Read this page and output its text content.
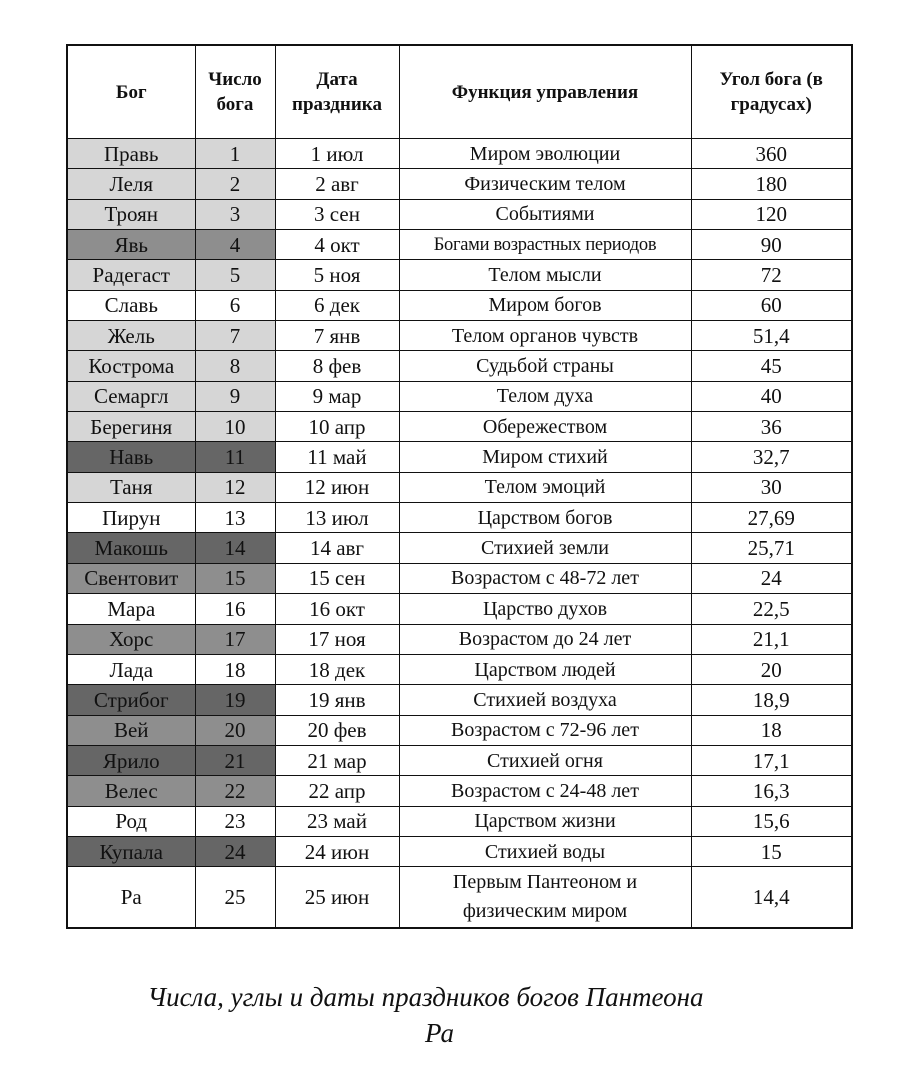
Бог	Число бога	Дата праздника	Функция управления	Угол бога (в градусах)
Правь	1	1 июл	Миром эволюции	360
Леля	2	2 авг	Физическим телом	180
Троян	3	3 сен	Событиями	120
Явь	4	4 окт	Богами возрастных периодов	90
Радегаст	5	5 ноя	Телом мысли	72
Славь	6	6 дек	Миром богов	60
Жель	7	7 янв	Телом органов чувств	51,4
Кострома	8	8 фев	Судьбой страны	45
Семаргл	9	9 мар	Телом духа	40
Берегиня	10	10 апр	Обережеством	36
Навь	11	11 май	Миром стихий	32,7
Таня	12	12 июн	Телом эмоций	30
Пирун	13	13 июл	Царством богов	27,69
Макошь	14	14 авг	Стихией земли	25,71
Свентовит	15	15 сен	Возрастом с 48-72 лет	24
Мара	16	16 окт	Царство духов	22,5
Хорс	17	17 ноя	Возрастом до 24 лет	21,1
Лада	18	18 дек	Царством людей	20
Стрибог	19	19 янв	Стихией воздуха	18,9
Вей	20	20 фев	Возрастом с 72-96 лет	18
Ярило	21	21 мар	Стихией огня	17,1
Велес	22	22 апр	Возрастом с 24-48 лет	16,3
Род	23	23 май	Царством жизни	15,6
Купала	24	24 июн	Стихией воды	15
Ра	25	25 июн	Первым Пантеоном и физическим миром	14,4
Числа, углы и даты праздников богов Пантеона
Ра
